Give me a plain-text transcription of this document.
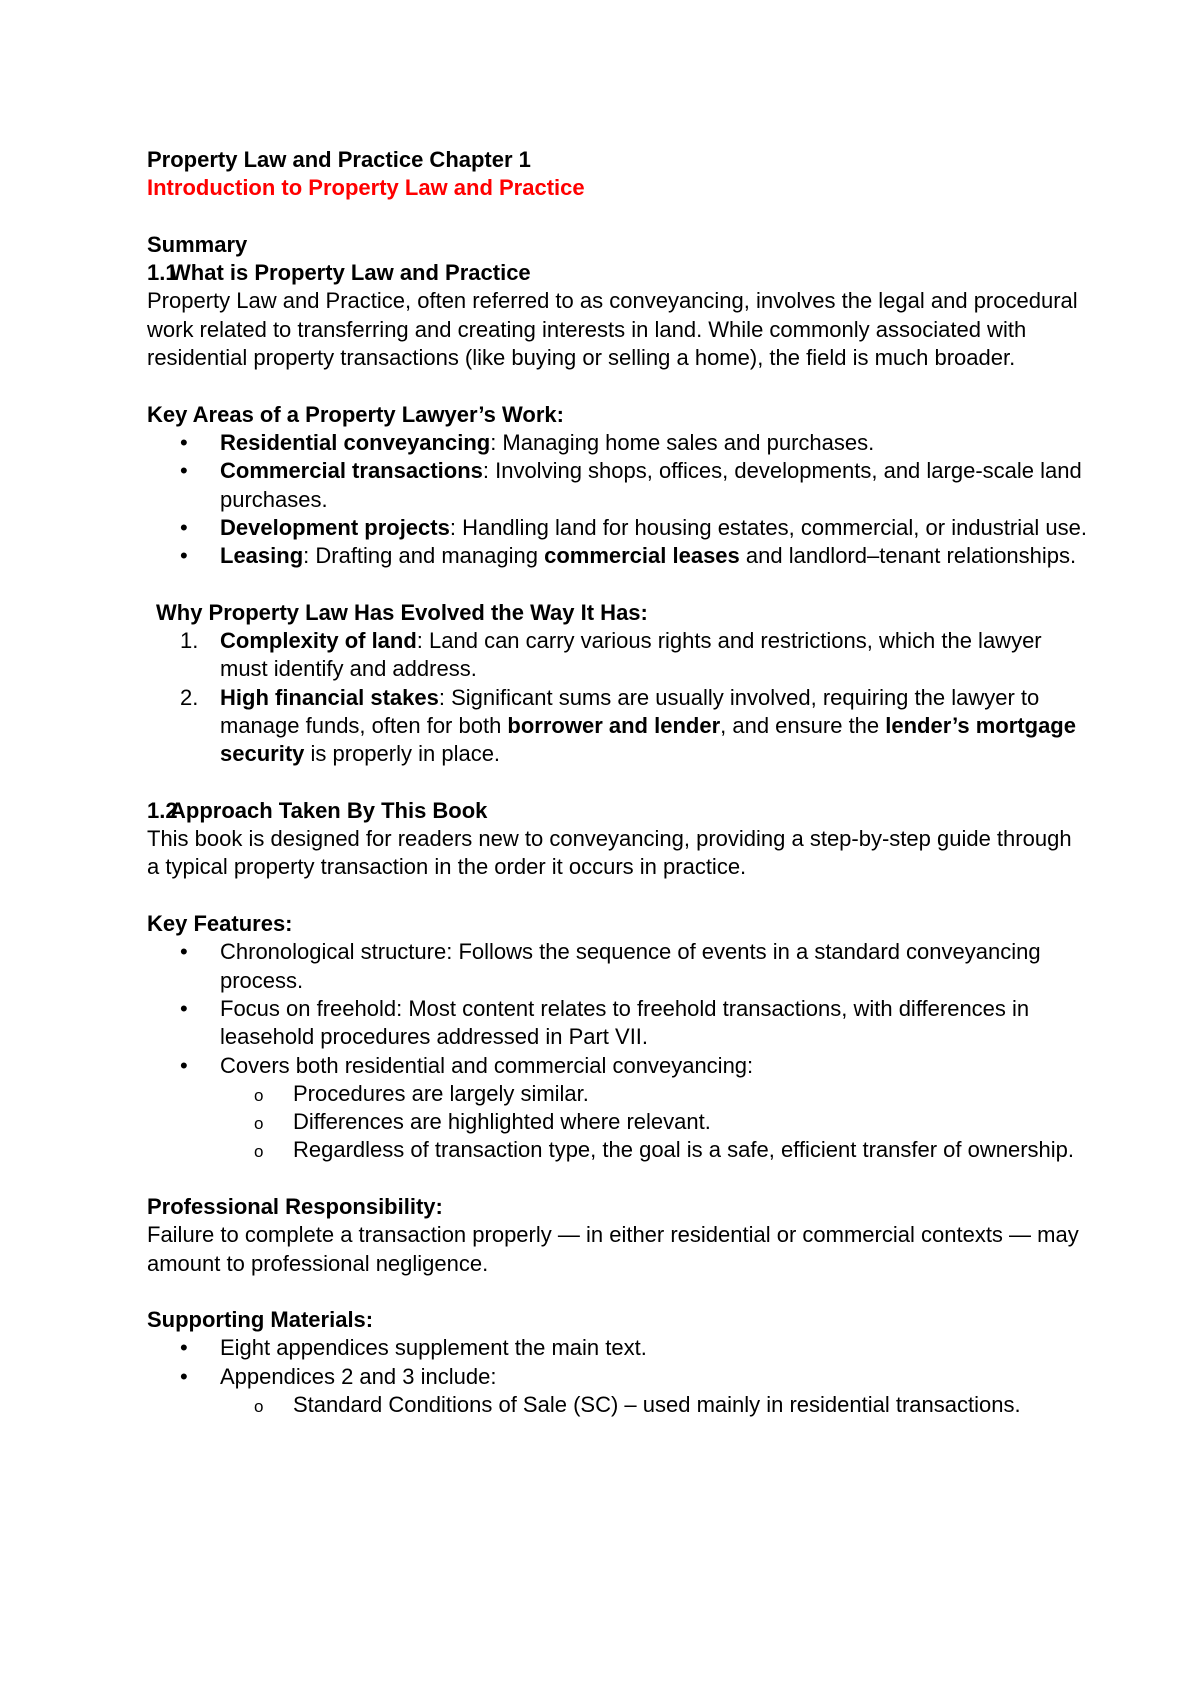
Property Law and Practice Chapter 1

Introduction to Property Law and Practice

Summary

1.1What is Property Law and Practice

Property Law and Practice, often referred to as conveyancing, involves the legal and procedural work related to transferring and creating interests in land. While commonly associated with residential property transactions (like buying or selling a home), the field is much broader.

Key Areas of a Property Lawyer’s Work:

• Residential conveyancing: Managing home sales and purchases.
• Commercial transactions: Involving shops, offices, developments, and large-scale land purchases.
• Development projects: Handling land for housing estates, commercial, or industrial use.
• Leasing: Drafting and managing commercial leases and landlord–tenant relationships.

Why Property Law Has Evolved the Way It Has:

1. Complexity of land: Land can carry various rights and restrictions, which the lawyer must identify and address.
2. High financial stakes: Significant sums are usually involved, requiring the lawyer to manage funds, often for both borrower and lender, and ensure the lender’s mortgage security is properly in place.

1.2Approach Taken By This Book

This book is designed for readers new to conveyancing, providing a step-by-step guide through a typical property transaction in the order it occurs in practice.

Key Features:

• Chronological structure: Follows the sequence of events in a standard conveyancing process.
• Focus on freehold: Most content relates to freehold transactions, with differences in leasehold procedures addressed in Part VII.
• Covers both residential and commercial conveyancing:
o Procedures are largely similar.
o Differences are highlighted where relevant.
o Regardless of transaction type, the goal is a safe, efficient transfer of ownership.

Professional Responsibility:

Failure to complete a transaction properly — in either residential or commercial contexts — may amount to professional negligence.

Supporting Materials:

• Eight appendices supplement the main text.
• Appendices 2 and 3 include:
o Standard Conditions of Sale (SC) – used mainly in residential transactions.
